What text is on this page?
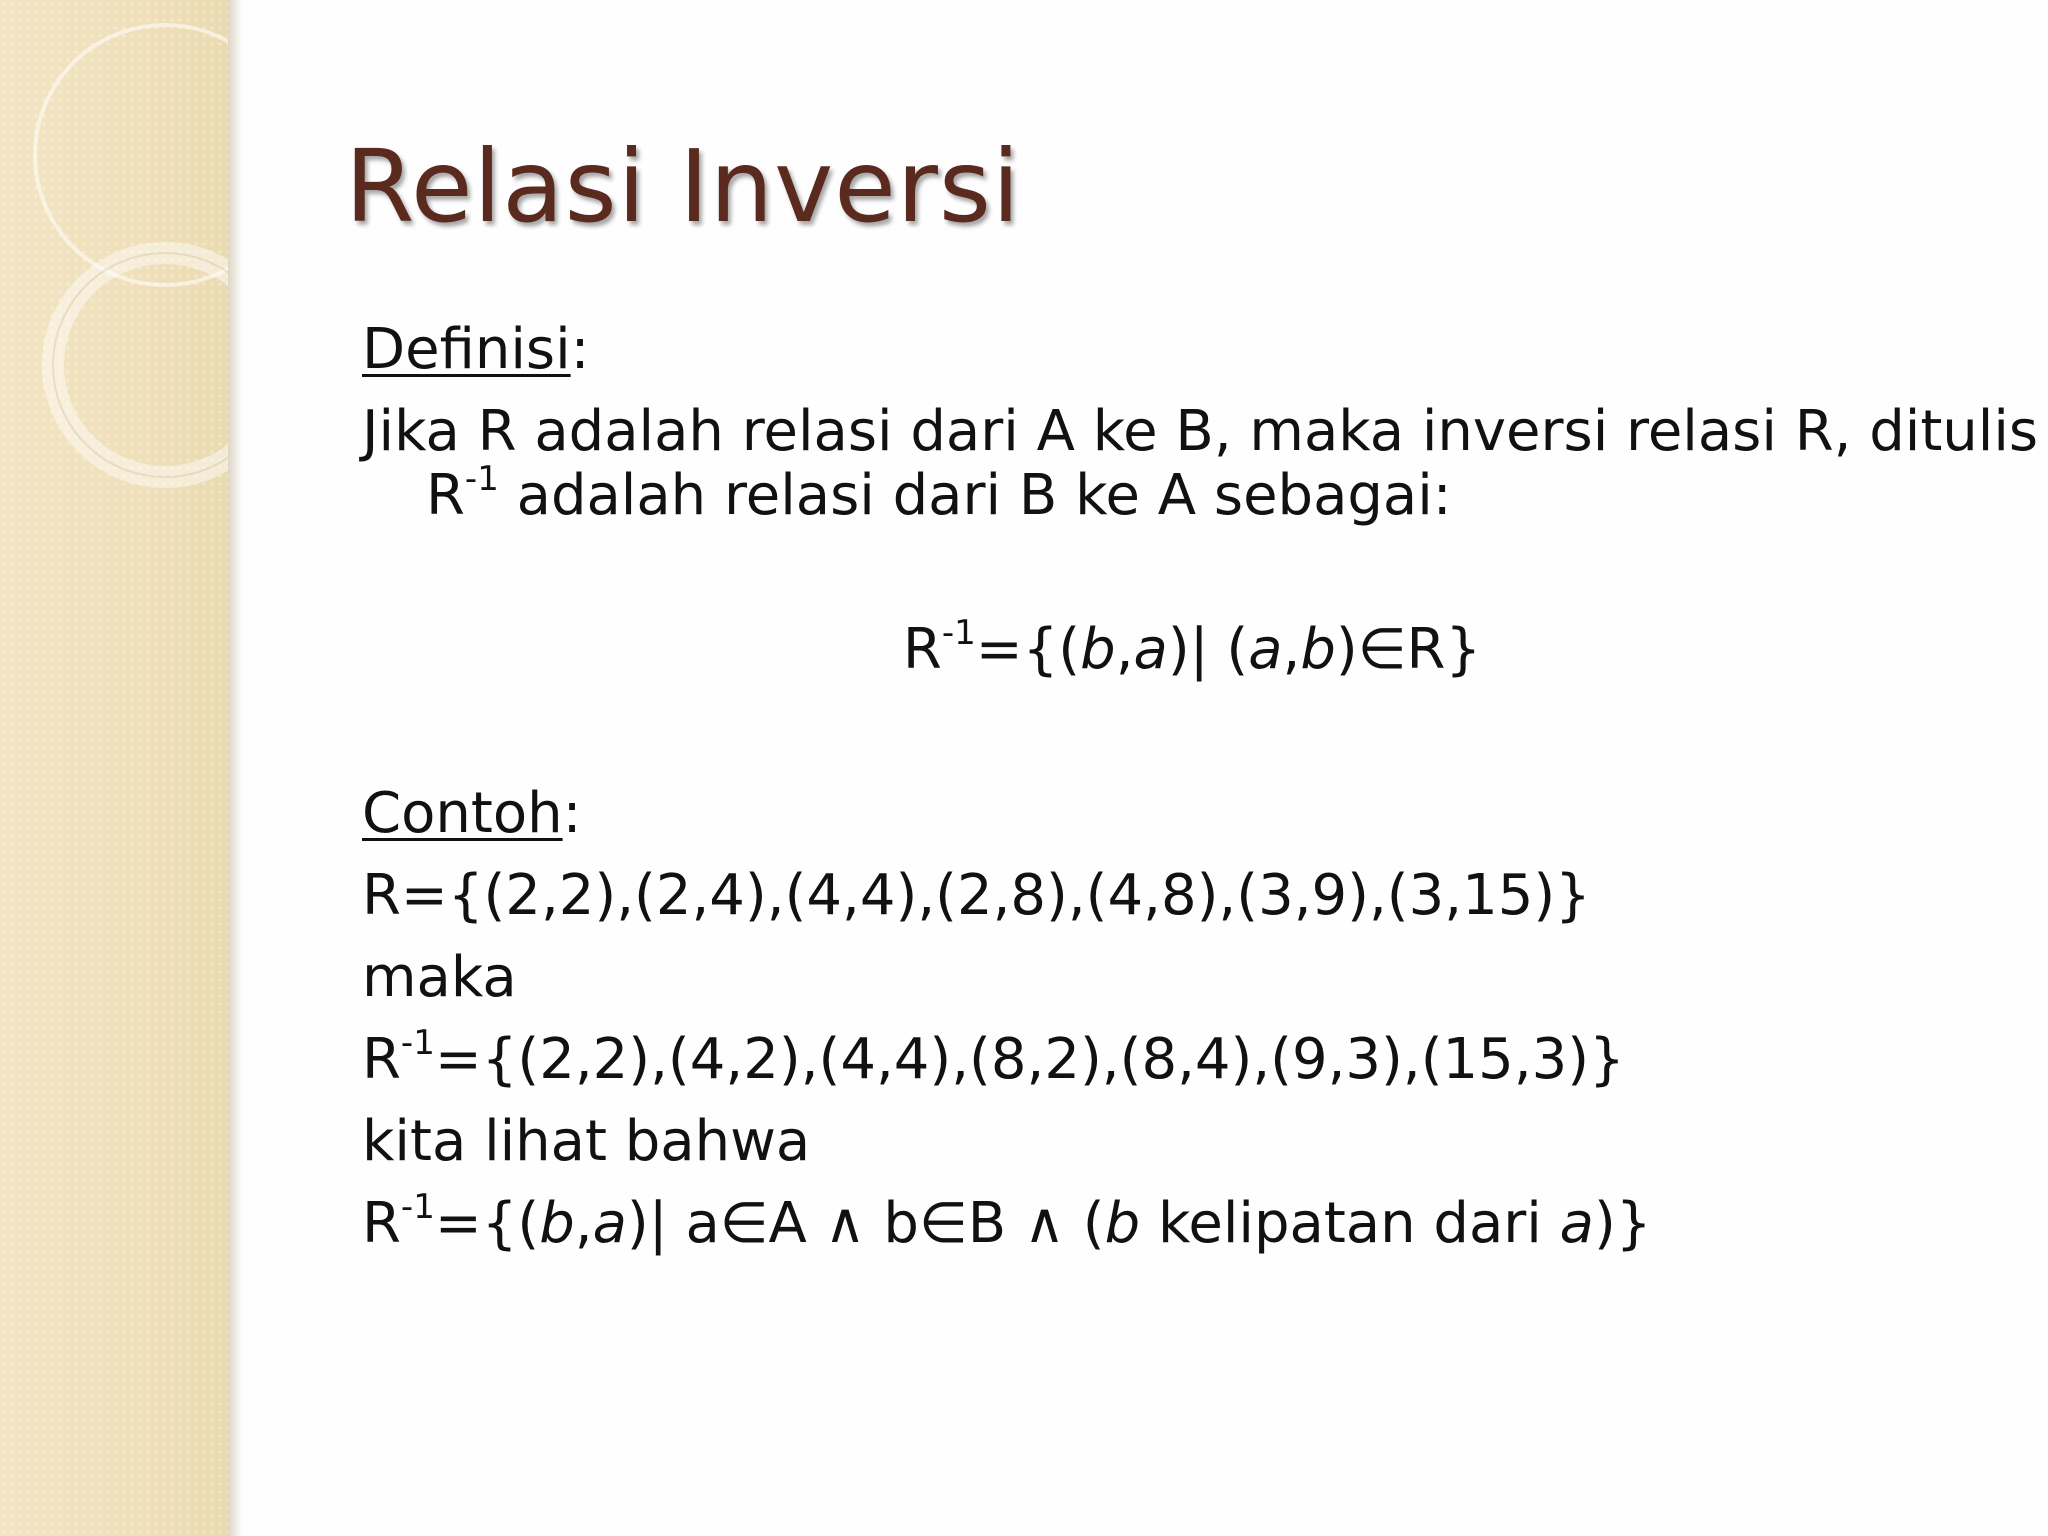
Relasi Inversi
Definisi:
Jika R adalah relasi dari A ke B, maka inversi relasi R, ditulis
$R^{-1}$ adalah relasi dari B ke A sebagai:
$R^{-1}=\{(b,a)|$ (a,b)∈R}
Contoh:
R={(2,2),(2,4),(4,4),(2,8),(4,8),(3,9),(3,15)}
maka
$R^{-1}=\{(2,2),(4,2),(4,4),(8,2),(8,4),(9,3),(15,3)\}$
kita lihat bahwa
$R^{-1}=\{(b,a)|$ a∈A ∧ b∈B ∧ (b kelipatan dari a)}
